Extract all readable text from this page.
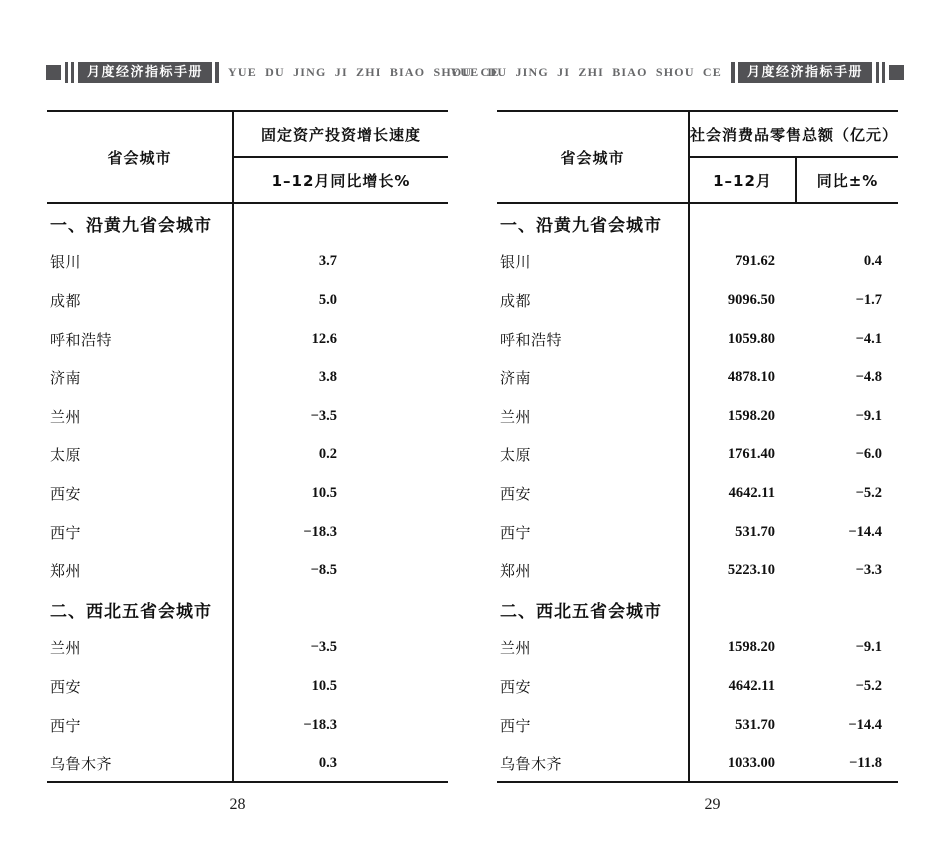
月度经济指标手册	YUE DU JING JI ZHI BIAO SHOU CE	月度经济指标手册
YUE DU JING JI ZHI BIAO SHOU CE
省会城市
固定资产投资增长速度
1–12月同比增长%
一、沿黄九省会城市
银川	3.7
成都	5.0
呼和浩特	12.6
济南	3.8
兰州	−3.5
太原	0.2
西安	10.5
西宁	−18.3
郑州	−8.5
二、西北五省会城市
兰州	−3.5
西安	10.5
西宁	−18.3
乌鲁木齐	0.3
省会城市
社会消费品零售总额（亿元）
1–12月	同比±%
一、沿黄九省会城市
银川	791.62	0.4
成都	9096.50	−1.7
呼和浩特	1059.80	−4.1
济南	4878.10	−4.8
兰州	1598.20	−9.1
太原	1761.40	−6.0
西安	4642.11	−5.2
西宁	531.70	−14.4
郑州	5223.10	−3.3
二、西北五省会城市
兰州	1598.20	−9.1
西安	4642.11	−5.2
西宁	531.70	−14.4
乌鲁木齐	1033.00	−11.8
28	29
